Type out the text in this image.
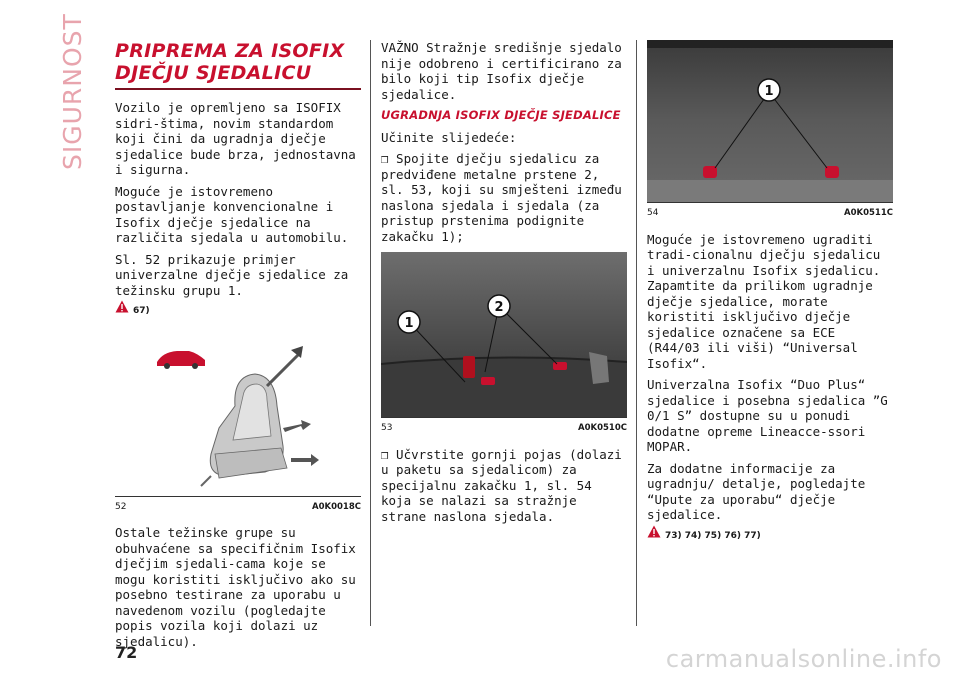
SIGURNOST PRIPREMA ZA ISOFIX DJEČJU SJEDALICU

Vozilo je opremljeno sa ISOFIX sidri-štima, novim standardom koji čini da ugradnja dječje sjedalice bude brza, jednostavna i sigurna.

Moguće je istovremeno postavljanje konvencionalne i Isofix dječje sjedalice na različita sjedala u automobilu.

Sl. 52 prikazuje primjer univerzalne dječje sjedalice za težinsku grupu 1.

67)
52	A0K0018C

Ostale težinske grupe su obuhvaćene sa specifičnim Isofix dječjim sjedali-cama koje se mogu koristiti isključivo ako su posebno testirane za uporabu u navedenom vozilu (pogledajte popis vozila koji dolazi uz sjedalicu).

VAŽNO Stražnje središnje sjedalo nije odobreno i certificirano za bilo koji tip Isofix dječje sjedalice.

UGRADNJA ISOFIX DJEČJE SJEDALICE

Učinite slijedeće:

❒ Spojite dječju sjedalicu za predviđene metalne prstene 2, sl. 53, koji su smješteni između naslona sjedala i sjedala (za pristup prstenima podignite zakačku 1);

1
2
53	A0K0510C

❒ Učvrstite gornji pojas (dolazi u paketu sa sjedalicom) za specijalnu zakačku 1, sl. 54 koja se nalazi sa stražnje strane naslona sjedala.

1
54	A0K0511C

Moguće je istovremeno ugraditi tradi-cionalnu dječju sjedalicu i univerzalnu Isofix sjedalicu. Zapamtite da prilikom ugradnje dječje sjedalice, morate koristiti isključivo dječje sjedalice označene sa ECE (R44/03 ili viši) “Universal Isofix“.

Univerzalna Isofix “Duo Plus“ sjedalice i posebna sjedalica ”G 0/1 S” dostupne su u ponudi dodatne opreme Lineacce-ssori MOPAR.

Za dodatne informacije za ugradnju/ detalje, pogledajte “Upute za uporabu“ dječje sjedalice.

73) 74) 75) 76) 77)
72	carmanualsonline.info
